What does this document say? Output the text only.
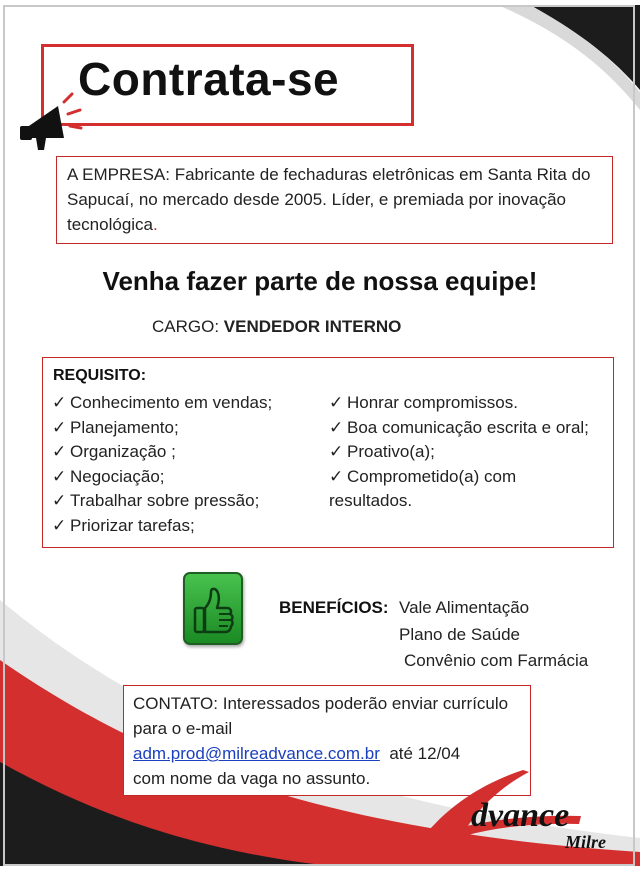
Contrata-se
A EMPRESA: Fabricante de fechaduras eletrônicas em Santa Rita do Sapucaí, no mercado desde 2005. Líder, e premiada por inovação tecnológica.
Venha fazer parte de nossa equipe!
CARGO: VENDEDOR INTERNO
REQUISITO:
✓ Conhecimento em vendas;
✓ Planejamento;
✓ Organização ;
✓ Negociação;
✓ Trabalhar sobre pressão;
✓ Priorizar tarefas;
✓ Honrar compromissos.
✓ Boa comunicação escrita e oral;
✓ Proativo(a);
✓ Comprometido(a) com resultados.
BENEFÍCIOS: Vale Alimentação
Plano de Saúde
Convênio com Farmácia
CONTATO: Interessados poderão enviar currículo para o e-mail
adm.prod@milreadvance.com.br até 12/04
com nome da vaga no assunto.
dvance
Milre
